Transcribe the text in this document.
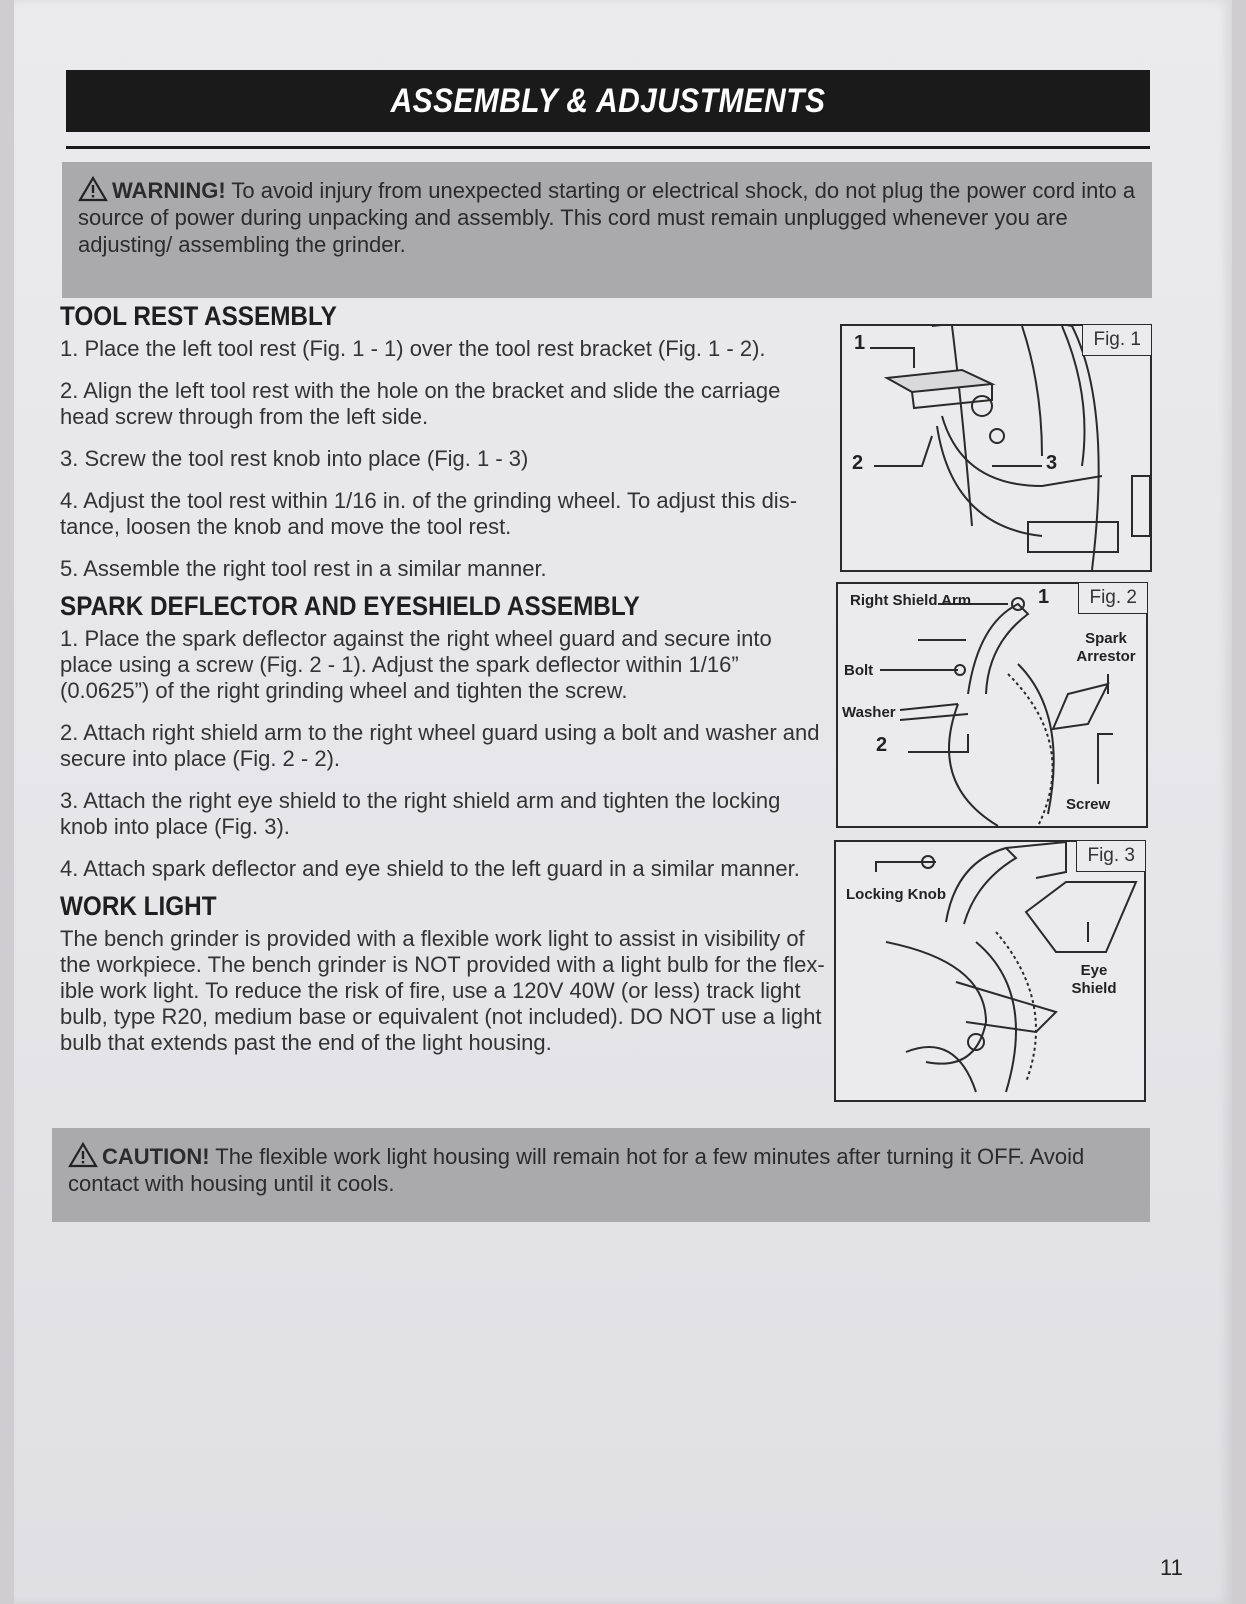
ASSEMBLY & ADJUSTMENTS
WARNING! To avoid injury from unexpected starting or electrical shock, do not plug the power cord into a source of power during unpacking and assembly. This cord must remain unplugged whenever you are adjusting/ assembling the grinder.
TOOL REST ASSEMBLY

1. Place the left tool rest (Fig. 1 - 1) over the tool rest bracket (Fig. 1 - 2).

2. Align the left tool rest with the hole on the bracket and slide the carriage head screw through from the left side.

3. Screw the tool rest knob into place (Fig. 1 - 3)

4. Adjust the tool rest within 1/16 in. of the grinding wheel. To adjust this dis-tance, loosen the knob and move the tool rest.

5. Assemble the right tool rest in a similar manner.

SPARK DEFLECTOR AND EYESHIELD ASSEMBLY

1. Place the spark deflector against the right wheel guard and secure into place using a screw (Fig. 2 - 1). Adjust the spark deflector within 1/16” (0.0625”) of the right grinding wheel and tighten the screw.

2. Attach right shield arm to the right wheel guard using a bolt and washer and secure into place (Fig. 2 - 2).

3. Attach the right eye shield to the right shield arm and tighten the locking knob into place (Fig. 3).

4. Attach spark deflector and eye shield to the left guard in a similar manner.

WORK LIGHT

The bench grinder is provided with a flexible work light to assist in visibility of the workpiece. The bench grinder is NOT provided with a light bulb for the flex-ible work light. To reduce the risk of fire, use a 120V 40W (or less) track light bulb, type R20, medium base or equivalent (not included). DO NOT use a light bulb that extends past the end of the light housing.

1
2	3
Fig. 1
Right Shield Arm
Bolt
Washer
2
1
Spark Arrestor
Screw
Fig. 2
Locking Knob
Eye Shield
Fig. 3
CAUTION! The flexible work light housing will remain hot for a few minutes after turning it OFF. Avoid contact with housing until it cools.
11
